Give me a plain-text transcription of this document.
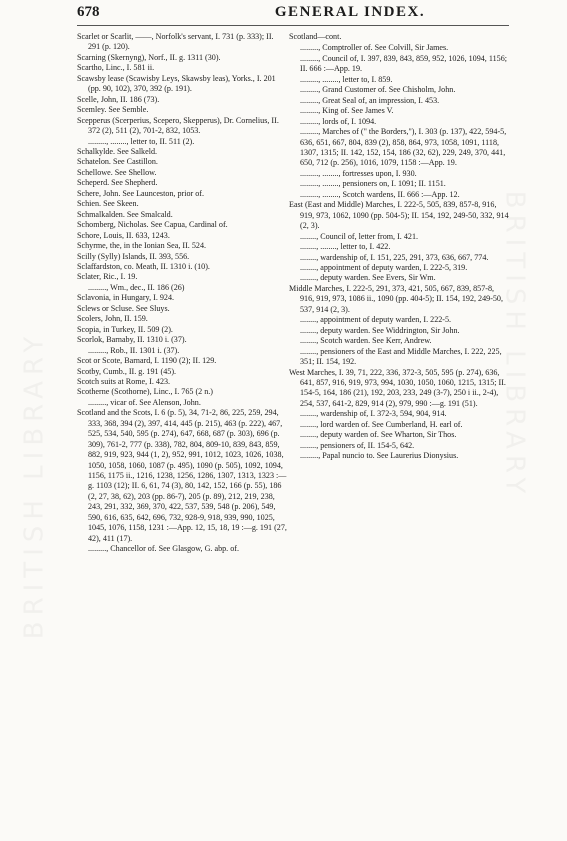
BRITISH LIBRARY	BRITISH LIBRARY
678	GENERAL INDEX.
Scarlet or Scarlit, ——, Norfolk's servant, I. 731 (p. 333); II. 291 (p. 120).
Scarning (Skernyng), Norf., II. g. 1311 (30).
Scartho, Linc., I. 581 ii.
Scawsby lease (Scawisby Leys, Skawsby leas), Yorks., I. 201 (pp. 90, 102), 370, 392 (p. 191).
Scelle, John, II. 186 (73).
Scemley. See Semble.
Scepperus (Scerperius, Scepero, Skepperus), Dr. Cornelius, II. 372 (2), 511 (2), 701-2, 832, 1053.
........., ........, letter to, II. 511 (2).
Schalkylde. See Salkeld.
Schatelon. See Castillon.
Schellowe. See Shellow.
Scheperd. See Shepherd.
Schere, John. See Launceston, prior of.
Schien. See Skeen.
Schmalkalden. See Smalcald.
Schomberg, Nicholas. See Capua, Cardinal of.
Schore, Louis, II. 633, 1243.
Schyrme, the, in the Ionian Sea, II. 524.
Scilly (Sylly) Islands, II. 393, 556.
Sclaffardston, co. Meath, II. 1310 i. (10).
Sclater, Ric., I. 19.
........., Wm., dec., II. 186 (26)
Sclavonia, in Hungary, I. 924.
Sclews or Scluse. See Sluys.
Scolers, John, II. 159.
Scopia, in Turkey, II. 509 (2).
Scorlok, Barnaby, II. 1310 i. (37).
........., Rob., II. 1301 i. (37).
Scot or Scote, Barnard, I. 1190 (2); II. 129.
Scotby, Cumb., II. g. 191 (45).
Scotch suits at Rome, I. 423.
Scotherne (Scothorne), Linc., I. 765 (2 n.)
........., vicar of. See Alenson, John.
Scotland and the Scots, I. 6 (p. 5), 34, 71-2, 86, 225, 259, 294, 333, 368, 394 (2), 397, 414, 445 (p. 215), 463 (p. 222), 467, 525, 534, 540, 595 (p. 274), 647, 668, 687 (p. 303), 696 (p. 309), 761-2, 777 (p. 338), 782, 804, 809-10, 839, 843, 859, 882, 919, 923, 944 (1, 2), 952, 991, 1012, 1023, 1026, 1038, 1050, 1058, 1060, 1087 (p. 495), 1090 (p. 505), 1092, 1094, 1156, 1175 ii., 1216, 1238, 1256, 1286, 1307, 1313, 1323 :—g. 1103 (12); II. 6, 61, 74 (3), 80, 142, 152, 166 (p. 55), 186 (2, 27, 38, 62), 203 (pp. 86-7), 205 (p. 89), 212, 219, 238, 243, 291, 332, 369, 370, 422, 537, 539, 548 (p. 206), 549, 590, 616, 635, 642, 696, 732, 928-9, 918, 939, 990, 1025, 1045, 1076, 1158, 1231 :—App. 12, 15, 18, 19 :—g. 191 (27, 42), 411 (17).
........., Chancellor of. See Glasgow, G. abp. of.
Scotland—cont.
........., Comptroller of. See Colvill, Sir James.
........., Council of, I. 397, 839, 843, 859, 952, 1026, 1094, 1156; II. 666 :—App. 19.
........., ........, letter to, I. 859.
........., Grand Customer of. See Chisholm, John.
........., Great Seal of, an impression, I. 453.
........., King of. See James V.
........., lords of, I. 1094.
........., Marches of (" the Borders,"), I. 303 (p. 137), 422, 594-5, 636, 651, 667, 804, 839 (2), 858, 864, 973, 1058, 1091, 1118, 1307, 1315; II. 142, 152, 154, 186 (32, 62), 229, 249, 370, 441, 650, 712 (p. 256), 1016, 1079, 1158 :—App. 19.
........., ........, fortresses upon, I. 930.
........., ........, pensioners on, I. 1091; II. 1151.
........., ........, Scotch wardens, II. 666 :—App. 12.
East (East and Middle) Marches, I. 222-5, 505, 839, 857-8, 916, 919, 973, 1062, 1090 (pp. 504-5); II. 154, 192, 249-50, 332, 914 (2, 3).
........, Council of, letter from, I. 421.
........, ........, letter to, I. 422.
........, wardenship of, I. 151, 225, 291, 373, 636, 667, 774.
........, appointment of deputy warden, I. 222-5, 319.
........, deputy warden. See Evers, Sir Wm.
Middle Marches, I. 222-5, 291, 373, 421, 505, 667, 839, 857-8, 916, 919, 973, 1086 ii., 1090 (pp. 404-5); II. 154, 192, 249-50, 537, 914 (2, 3).
........, appointment of deputy warden, I. 222-5.
........, deputy warden. See Widdrington, Sir John.
........, Scotch warden. See Kerr, Andrew.
........, pensioners of the East and Middle Marches, I. 222, 225, 351; II. 154, 192.
West Marches, I. 39, 71, 222, 336, 372-3, 505, 595 (p. 274), 636, 641, 857, 916, 919, 973, 994, 1030, 1050, 1060, 1215, 1315; II. 154-5, 164, 186 (21), 192, 203, 233, 249 (3-7), 250 i ii., 2-4), 254, 537, 641-2, 829, 914 (2), 979, 990 :—g. 191 (51).
........, wardenship of, I. 372-3, 594, 904, 914.
........, lord warden of. See Cumberland, H. earl of.
........, deputy warden of. See Wharton, Sir Thos.
........, pensioners of, II. 154-5, 642.
........., Papal nuncio to. See Laurerius Dionysius.
